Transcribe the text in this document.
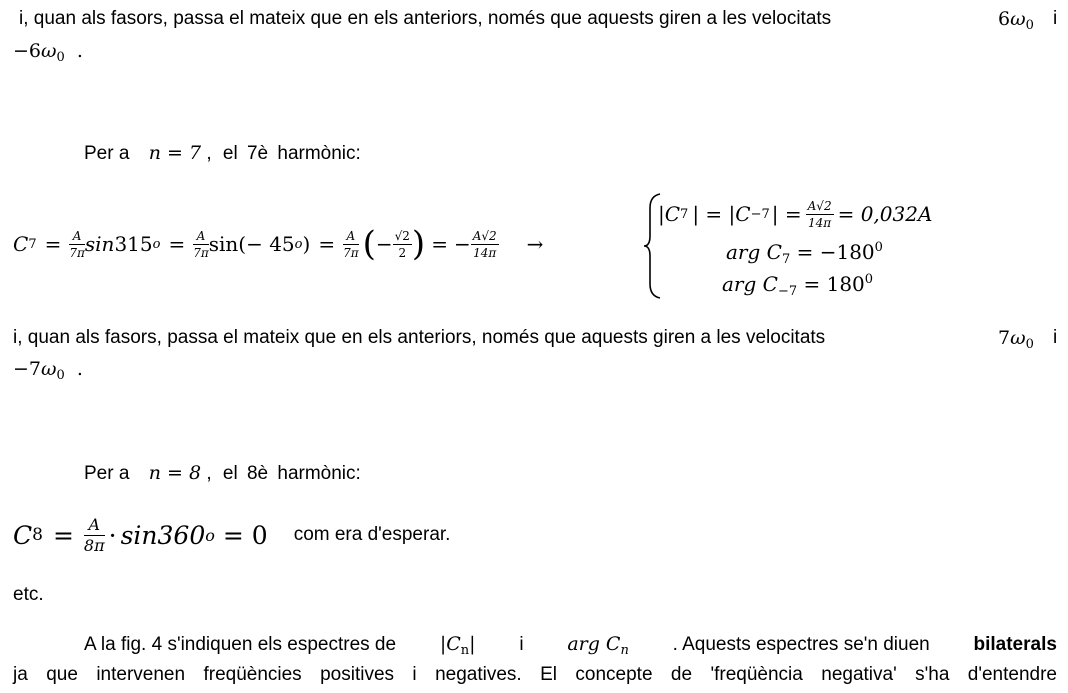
i, quan als fasors, passa el mateix que en els anteriors, només que aquests giren a les velocitats	$6\omega_0$ i
$-6\omega_0$ .
Per a n = 7 , el 7è harmònic:
C $7 = \frac{A}{7\pi}$ sin 315 $o = \frac{A}{7\pi} \sin(- 45$ o ) = $\frac{A}{7\pi}$ ( − $\frac{√2}{2}$ ) = − $\frac{A√2}{14\pi}$ →
|C 7 | = |C −7 | = $\frac{A√2}{14\pi} = 0,032A$
arg $C_7 = -180^0$
arg $C_{-7} = 180^0$
i, quan als fasors, passa el mateix que en els anteriors, només que aquests giren a les velocitats	$7\omega_0$ i
$-7\omega_0$ .
Per a n = 8 , el 8è harmònic:
C $8 = \frac{A}{8\pi} \cdot \sin 360$ o = 0 com era d'esperar.
etc.
A la fig. 4 s'indiquen els espectres de $|C_n|$ i arg $C_n$ . Aquests espectres se'n diuen bilaterals
ja que intervenen freqüències positives i negatives. El concepte de 'freqüència negativa' s'ha d'entendre
